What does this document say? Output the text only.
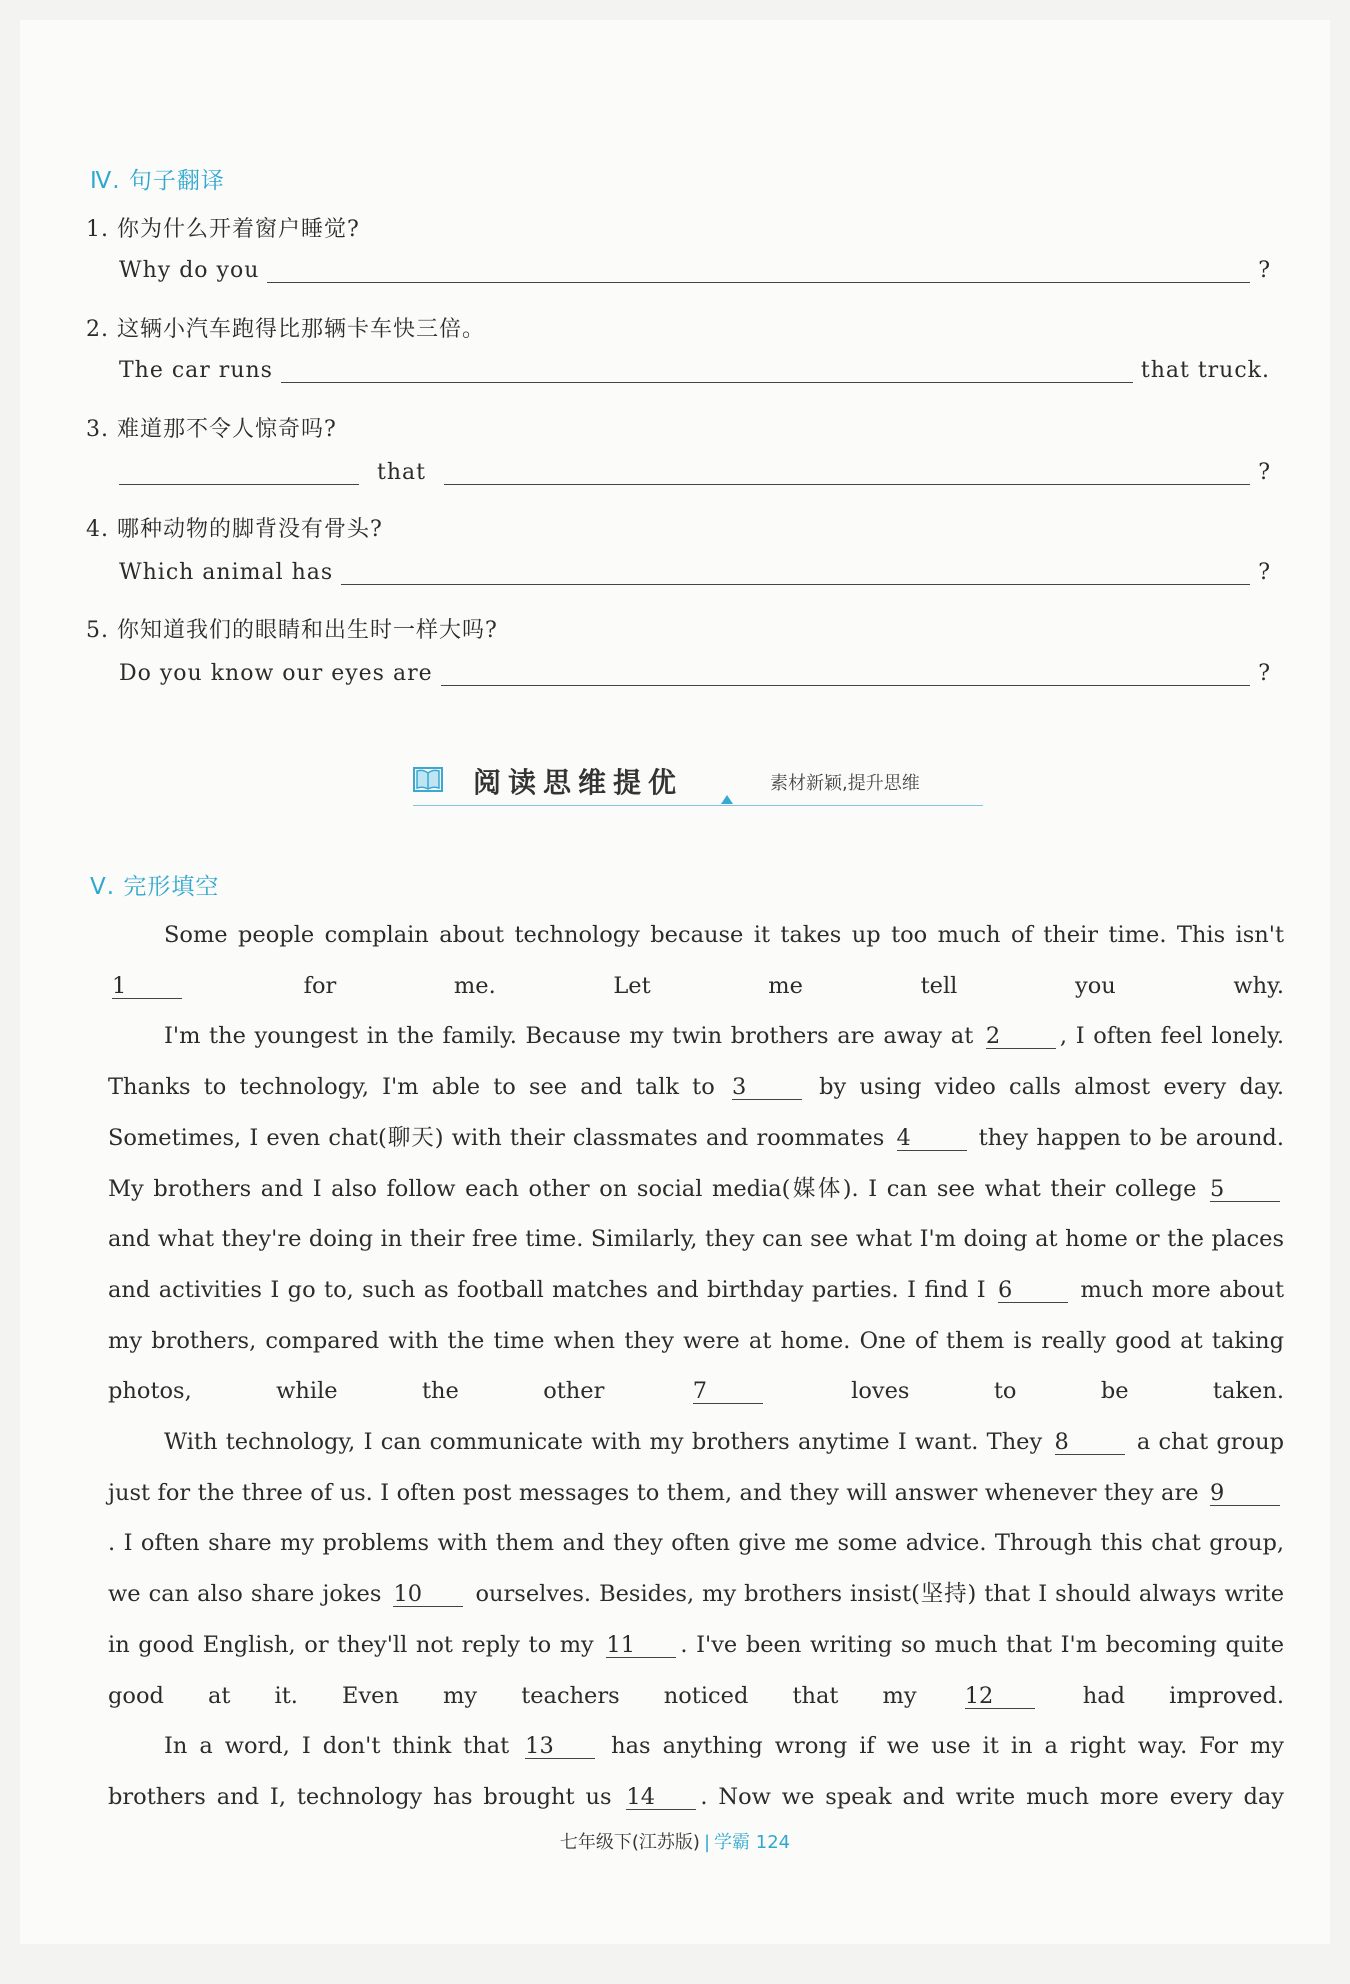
Ⅳ. 句子翻译
1. 你为什么开着窗户睡觉?
Why do you	?
2. 这辆小汽车跑得比那辆卡车快三倍。
The car runs	that truck.
3. 难道那不令人惊奇吗?
that	?
4. 哪种动物的脚背没有骨头?
Which animal has	?
5. 你知道我们的眼睛和出生时一样大吗?
Do you know our eyes are	?
阅读思维提优	素材新颖,提升思维
Ⅴ. 完形填空

Some people complain about technology because it takes up too much of their time. This isn't 1	for me. Let me tell you why.

I'm the youngest in the family. Because my twin brothers are away at 2	, I often feel lonely. Thanks to technology, I'm able to see and talk to 3	by using video calls almost every day. Sometimes, I even chat(聊天) with their classmates and roommates 4	they happen to be around. My brothers and I also follow each other on social media(媒体). I can see what their college 5 and what they're doing in their free time. Similarly, they can see what I'm doing at home or the places and activities I go to, such as football matches and birthday parties. I find I 6	much more about my brothers, compared with the time when they were at home. One of them is really good at taking photos, while the other	7	loves to be taken.

With technology, I can communicate with my brothers anytime I want. They 8	a chat group just for the three of us. I often post messages to them, and they will answer whenever they are 9. I often share my problems with them and they often give me some advice. Through this chat group, we can also share jokes 10 ourselves. Besides, my brothers insist(坚持) that I should always write in good English, or they'll not reply to my 11 . I've been writing so much that I'm becoming quite good at it. Even my teachers noticed that my 12	had improved.

In a word, I don't think that 13	has anything wrong if we use it in a right way. For my brothers and I, technology has brought us 14 . Now we speak and write much more every day

七年级下(江苏版) | 学霸 124
